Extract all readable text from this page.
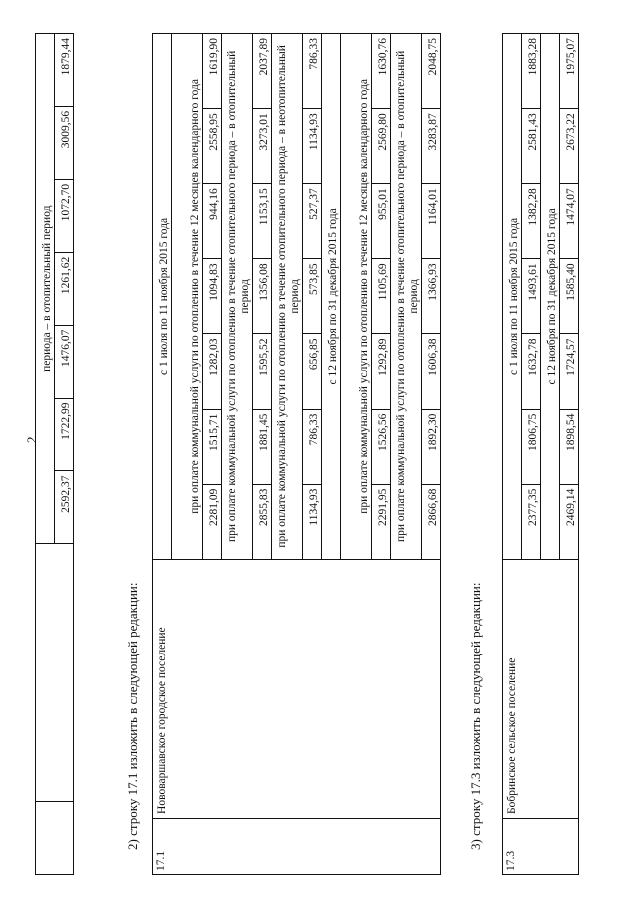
2
		периода – в отопительный период						
		2592,37	1722,99	1476,07	1261,62	1072,70	3009,56	1879,44
2) строку 17.1 изложить в следующей редакции:
17.1	Нововаршавское городское поселение	с 1 июля по 11 ноября 2015 года						
		при оплате коммунальной услуги по отоплению в течение 12 месяцев календарного года						
		2281,09	1515,71	1282,03	1094,83	944,16	2558,95	1619,90
		при оплате коммунальной услуги по отоплению в течение отопительного периода – в отопительный период						
		2855,83	1881,45	1595,52	1356,08	1153,15	3273,01	2037,89
		при оплате коммунальной услуги по отоплению в течение отопительного периода – в неотопительный период						
		1134,93	786,33	656,85	573,85	527,37	1134,93	786,33
		с 12 ноября по 31 декабря 2015 года						
		при оплате коммунальной услуги по отоплению в течение 12 месяцев календарного года						
		2291,95	1526,56	1292,89	1105,69	955,01	2569,80	1630,76
		при оплате коммунальной услуги по отоплению в течение отопительного периода – в отопительный период						
		2866,68	1892,30	1606,38	1366,93	1164,01	3283,87	2048,75
3) строку 17.3 изложить в следующей редакции:
17.3	Бобринское сельское поселение	с 1 июля по 11 ноября 2015 года						
		2377,35	1806,75	1632,78	1493,61	1382,28	2581,43	1883,28
		с 12 ноября по 31 декабря 2015 года						
		2469,14	1898,54	1724,57	1585,40	1474,07	2673,22	1975,07
